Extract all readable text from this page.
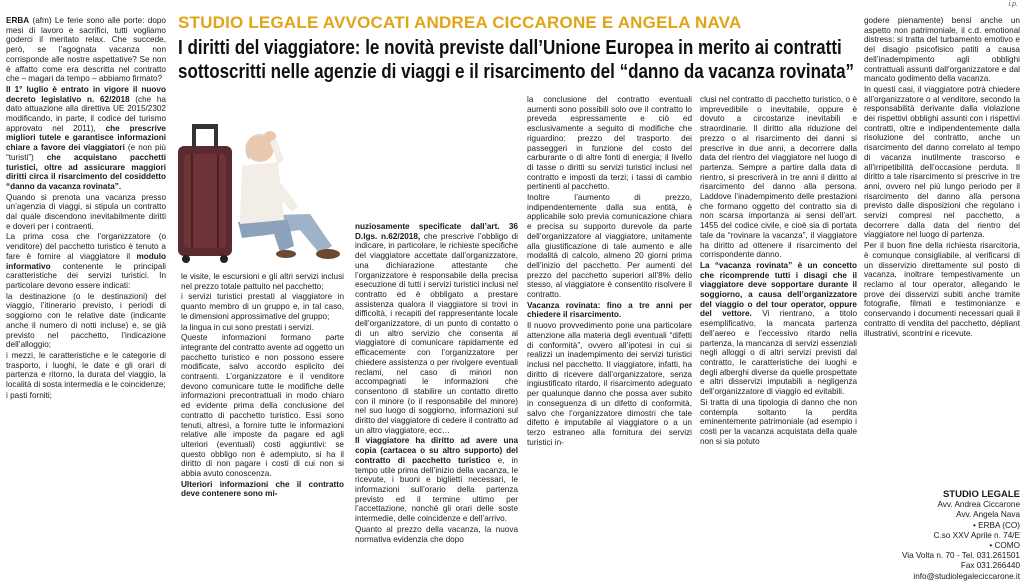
i.p.

ERBA (afm) Le ferie sono alle porte: dopo mesi di lavoro e sacrifici, tutti vogliamo goderci il meritato relax. Che succede, però, se l’agognata vacanza non corrisponde alle nostre aspettative? Se non è affatto come era descritta nel contratto che – magari da tempo – abbiamo firmato?

Il 1° luglio è entrato in vigore il nuovo decreto legislativo n. 62/2018 (che ha dato attuazione alla direttiva UE 2015/2302 modificando, in parte, il codice del turismo approvato nel 2011), che prescrive migliori tutele e garantisce informazioni chiare a favore dei viaggiatori (e non più “turisti”) che acquistano pacchetti turistici, oltre ad assicurare maggiori diritti circa il risarcimento del cosiddetto “danno da vacanza rovinata”.

Quando si prenota una vacanza presso un’agenzia di viaggi, si stipula un contratto dal quale discendono inevitabilmente diritti e doveri per i contraenti.

La prima cosa che l’organizzatore (o venditore) del pacchetto turistico è tenuto a fare è fornire al viaggiatore il modulo informativo contenente le principali caratteristiche dei servizi turistici. In particolare devono essere indicati:

la destinazione (o le destinazioni) del viaggio, l’itinerario previsto, i periodi di soggiorno con le relative date (indicante anche il numero di notti incluse) e, se già previsto nel pacchetto, l’indicazione dell’alloggio;

i mezzi, le caratteristiche e le categorie di trasporto, i luoghi, le date e gli orari di partenza e ritorno, la durata del viaggio, la località di sosta intermedia e le coincidenze;

i pasti forniti;

STUDIO LEGALE AVVOCATI ANDREA CICCARONE E ANGELA NAVA
I diritti del viaggiatore: le novità previste dall’Unione Europea in merito ai contratti
sottoscritti nelle agenzie di viaggi e il risarcimento del “danno da vacanza rovinata”

le visite, le escursioni e gli altri servizi inclusi nel prezzo totale pattuito nel pacchetto;

i servizi turistici prestati al viaggiatore in quanto membro di un gruppo e, in tal caso, le dimensioni approssimative del gruppo;

la lingua in cui sono prestati i servizi.

Queste informazioni formano parte integrante del contratto avente ad oggetto un pacchetto turistico e non possono essere modificate, salvo accordo esplicito dei contraenti. L’organizzatore e il venditore devono comunicare tutte le modifiche delle informazioni precontrattuali in modo chiaro ed evidente prima della conclusione del contratto di pacchetto turistico. Essi sono tenuti, altresì, a fornire tutte le informazioni relative alle imposte da pagare ed agli ulteriori (eventuali) costi aggiuntivi: se questo obbligo non è adempiuto, si ha il diritto di non pagare i costi di cui non si abbia avuto conoscenza.

Ulteriori informazioni che il contratto deve contenere sono mi-

nuziosamente specificate dall’art. 36 D.lgs. n.62/2018, che prescrive l’obbligo di indicare, in particolare, le richieste specifiche del viaggiatore accettate dall’organizzatore, una dichiarazione attestante che l’organizzatore è responsabile della precisa esecuzione di tutti i servizi turistici inclusi nel contratto ed è obbligato a prestare assistenza qualora il viaggiatore si trovi in difficoltà, i recapiti del rappresentante locale dell’organizzatore, di un punto di contatto o di un altro servizio che consenta al viaggiatore di comunicare rapidamente ed efficacemente con l’organizzatore per chiedere assistenza o per rivolgere eventuali reclami, nel caso di minori non accompagnati le informazioni che consentono di stabilire un contatto diretto con il minore (o il responsabile del minore) nel suo luogo di soggiorno, informazioni sul diritto del viaggiatore di cedere il contratto ad un altro viaggiatore, ecc…

Il viaggiatore ha diritto ad avere una copia (cartacea o su altro supporto) del contratto di pacchetto turistico e, in tempo utile prima dell’inizio della vacanza, le ricevute, i buoni e biglietti necessari, le informazioni sull’orario della partenza previsto ed il termine ultimo per l’accettazione, nonché gli orari delle soste intermedie, delle coincidenze e dell’arrivo.

Quanto al prezzo della vacanza, la nuova normativa evidenzia che dopo

la conclusione del contratto eventuali aumenti sono possibili solo ove il contratto lo preveda espressamente e ciò ed esclusivamente a seguito di modifiche che riguardino: prezzo del trasporto dei passeggeri in funzione del costo del carburante o di altre fonti di energia; il livello di tasse o diritti su servizi turistici inclusi nel contratto e imposti da terzi; i tassi di cambio pertinenti al pacchetto.

Inoltre l’aumento di prezzo, indipendentemente dalla sua entità, è applicabile solo previa comunicazione chiara e precisa su supporto durevole da parte dell’organizzatore al viaggiatore, unitamente alla giustificazione di tale aumento e alle modalità di calcolo, almeno 20 giorni prima dell’inizio del pacchetto. Per aumenti del prezzo del pacchetto superiori all’8% dello stesso, al viaggiatore è consentito risolvere il contratto.

Vacanza rovinata: fino a tre anni per chiedere il risarcimento.

Il nuovo provvedimento pone una particolare attenzione alla materia degli eventuali “difetti di conformità”, ovvero all’ipotesi in cui si realizzi un inadempimento dei servizi turistici inclusi nel pacchetto. Il viaggiatore, infatti, ha diritto di ricevere dall’organizzatore, senza ingiustificato ritardo, il risarcimento adeguato per qualunque danno che possa aver subito in conseguenza di un difetto di conformità, salvo che l’organizzatore dimostri che tale difetto è imputabile al viaggiatore o a un terzo estraneo alla fornitura dei servizi turistici in-

clusi nel contratto di pacchetto turistico, o è imprevedibile o inevitabile, oppure è dovuto a circostanze inevitabili e straordinarie. Il diritto alla riduzione del prezzo o al risarcimento dei danni si prescrive in due anni, a decorrere dalla data del rientro del viaggiatore nel luogo di partenza. Sempre a partire dalla data di rientro, si prescriverà in tre anni il diritto al risarcimento del danno alla persona. Laddove l’inadempimento delle prestazioni che formano oggetto del contratto sia di non scarsa importanza ai sensi dell’art. 1455 del codice civile, e cioè sia di portata tale da “rovinare la vacanza”, il viaggiatore ha diritto ad ottenere il risarcimento del corrispondente danno.

La “vacanza rovinata” è un concetto che ricomprende tutti i disagi che il viaggiatore deve sopportare durante il soggiorno, a causa dell’organizzatore del viaggio o del tour operator, oppure del vettore. Vi rientrano, a titolo esemplificativo, la mancata partenza dell’aereo e l’eccessivo ritardo nella partenza, la mancanza di servizi essenziali negli alloggi o di altri servizi previsti dal contratto, le caratteristiche dei luoghi e degli alberghi diverse da quelle prospettate e altri disservizi imputabili a negligenza dell’organizzatore di viaggio ed evitabili.

Si tratta di una tipologia di danno che non contempla soltanto la perdita eminentemente patrimoniale (ad esempio i costi per la vacanza acquistata della quale non si sia potuto

godere pienamente) bensì anche un aspetto non patrimoniale, il c.d. emotional distress: si tratta del turbamento emotivo e del disagio psicofisico patiti a causa dell’inadempimento agli obblighi contrattuali assunti dall’organizzatore e dal mancato godimento della vacanza.

In questi casi, il viaggiatore potrà chiedere all’organizzatore o al venditore, secondo la responsabilità derivante dalla violazione dei rispettivi obblighi assunti con i rispettivi contratti, oltre e indipendentemente dalla risoluzione del contratto, anche un risarcimento del danno correlato al tempo di vacanza inutilmente trascorso e all’irripetibilità dell’occasione perduta. Il diritto a tale risarcimento si prescrive in tre anni, ovvero nel più lungo periodo per il risarcimento del danno alla persona previsto dalle disposizioni che regolano i servizi compresi nel pacchetto, a decorrere dalla data del rientro del viaggiatore nel luogo di partenza.

Per il buon fine della richiesta risarcitoria, è comunque consigliabile, al verificarsi di un disservizio direttamente sul posto di vacanza, inoltrare tempestivamente un reclamo al tour operator, allegando le prove dei disservizi subiti anche tramite fotografie, filmati e testimonianze e conservando i documenti necessari quali il contratto di vendita del pacchetto, dépliant illustrativi, scontrini e ricevute.

STUDIO LEGALE
Avv. Andrea Ciccarone
Avv. Angela Nava
• ERBA (CO)
C.so XXV Aprile n. 74/E
• COMO
Via Volta n. 70 - Tel. 031.261501
Fax 031.266440
info@studiolegaleciccarone.it
